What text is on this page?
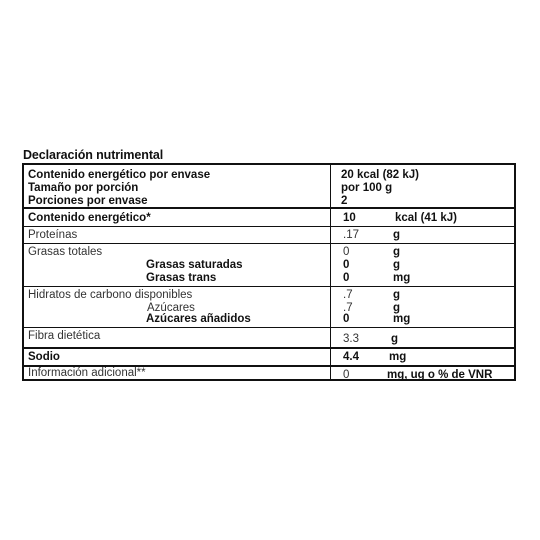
Declaración nutrimental
Contenido energético por envase	20 kcal (82 kJ)
Tamaño por porción	por 100 g
Porciones por envase	2
Contenido energético*	10	kcal (41 kJ)
Proteínas	.17	g
Grasas totales	0	g
Grasas saturadas	0	g
Grasas trans	0	mg
Hidratos de carbono disponibles	.7	g
Azúcares	.7	g
Azúcares añadidos	0	mg
Fibra dietética	3.3	g
Sodio	4.4	mg
Información adicional**	0	mg, ug o % de VNR
